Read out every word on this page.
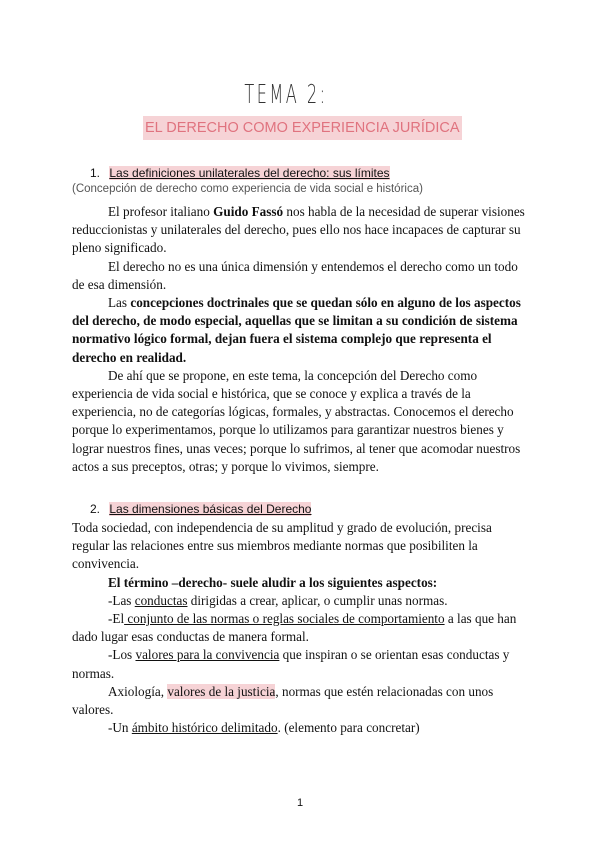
TEMA 2:
EL DERECHO COMO EXPERIENCIA JURÍDICA
1. Las definiciones unilaterales del derecho: sus límites
(Concepción de derecho como experiencia de vida social e histórica)

El profesor italiano Guido Fassó nos habla de la necesidad de superar visiones reduccionistas y unilaterales del derecho, pues ello nos hace incapaces de capturar su pleno significado.

El derecho no es una única dimensión y entendemos el derecho como un todo de esa dimensión.

Las concepciones doctrinales que se quedan sólo en alguno de los aspectos del derecho, de modo especial, aquellas que se limitan a su condición de sistema normativo lógico formal, dejan fuera el sistema complejo que representa el derecho en realidad.

De ahí que se propone, en este tema, la concepción del Derecho como experiencia de vida social e histórica, que se conoce y explica a través de la experiencia, no de categorías lógicas, formales, y abstractas. Conocemos el derecho porque lo experimentamos, porque lo utilizamos para garantizar nuestros bienes y lograr nuestros fines, unas veces; porque lo sufrimos, al tener que acomodar nuestros actos a sus preceptos, otras; y porque lo vivimos, siempre.

2. Las dimensiones básicas del Derecho

Toda sociedad, con independencia de su amplitud y grado de evolución, precisa regular las relaciones entre sus miembros mediante normas que posibiliten la convivencia.

El término –derecho- suele aludir a los siguientes aspectos:

-Las conductas dirigidas a crear, aplicar, o cumplir unas normas.

-El conjunto de las normas o reglas sociales de comportamiento a las que han dado lugar esas conductas de manera formal.

-Los valores para la convivencia que inspiran o se orientan esas conductas y normas.

Axiología, valores de la justicia, normas que estén relacionadas con unos valores.

-Un ámbito histórico delimitado. (elemento para concretar)

1
